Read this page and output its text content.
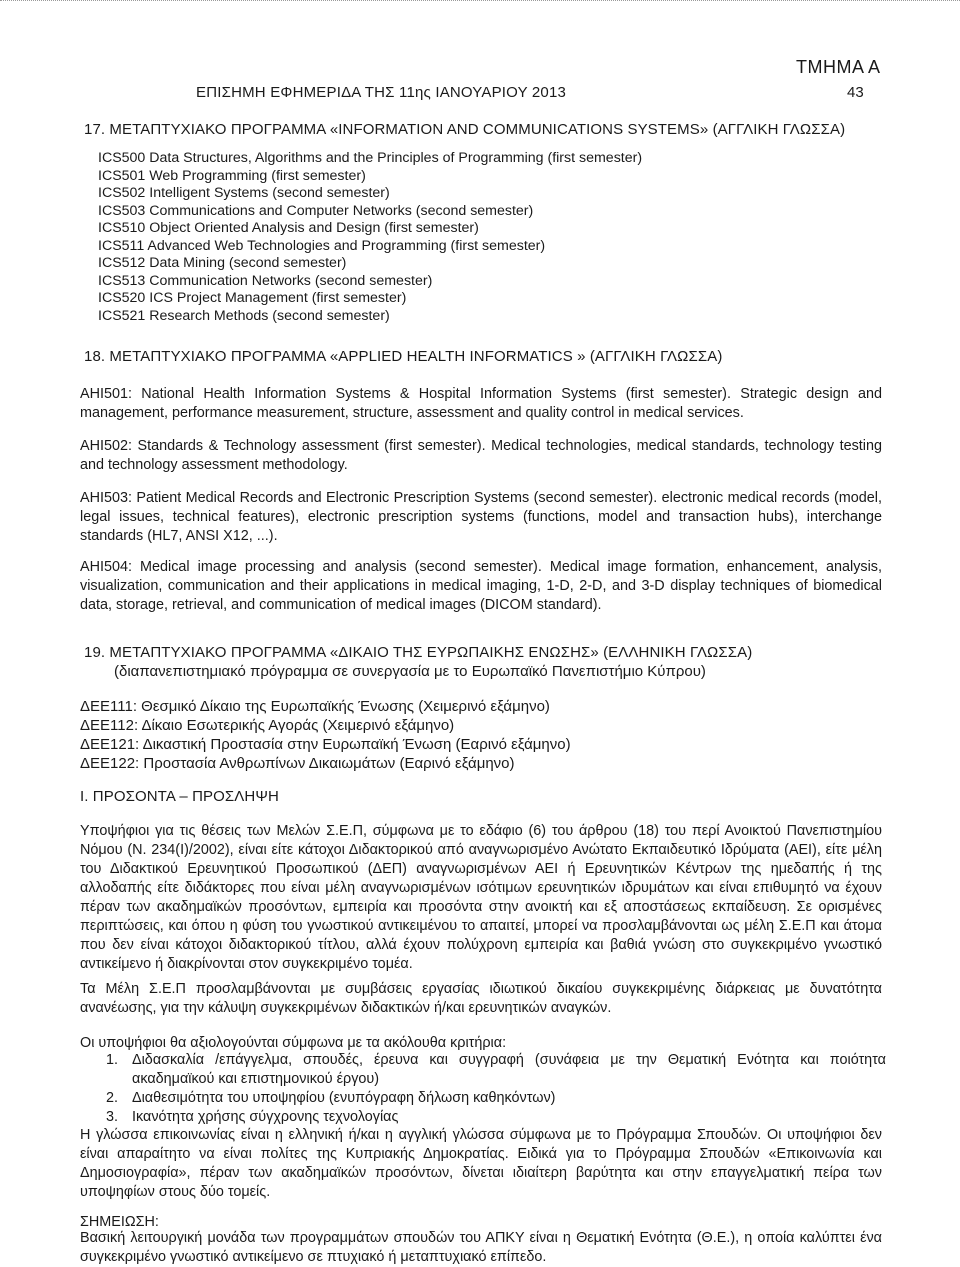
ΤΜΗΜΑ Α
ΕΠΙΣΗΜΗ ΕΦΗΜΕΡΙΔΑ ΤΗΣ 11ης ΙΑΝΟΥΑΡΙΟΥ 2013	43
17. ΜΕΤΑΠΤΥΧΙΑΚΟ ΠΡΟΓΡΑΜΜΑ «INFORMATION AND COMMUNICATIONS SYSTEMS» (ΑΓΓΛΙΚΗ ΓΛΩΣΣΑ)
ICS500 Data Structures, Algorithms and the Principles of Programming (first semester)
ICS501 Web Programming (first semester)
ICS502 Intelligent Systems (second semester)
ICS503 Communications and Computer Networks (second semester)
ICS510 Object Oriented Analysis and Design (first semester)
ICS511 Advanced Web Technologies and Programming (first semester)
ICS512 Data Mining (second semester)
ICS513 Communication Networks (second semester)
ICS520 ICS Project Management (first semester)
ICS521 Research Methods (second semester)
18. ΜΕΤΑΠΤΥΧΙΑΚΟ ΠΡΟΓΡΑΜΜΑ «APPLIED HEALTH INFORMATICS » (ΑΓΓΛΙΚΗ ΓΛΩΣΣΑ)
AHI501: National Health Information Systems & Hospital Information Systems (first semester). Strategic design and management, performance measurement, structure, assessment and quality control in medical services.
AHI502: Standards & Technology assessment (first semester). Medical technologies, medical standards, technology testing and technology assessment methodology.
AHI503: Patient Medical Records and Electronic Prescription Systems (second semester). electronic medical records (model, legal issues, technical features), electronic prescription systems (functions, model and transaction hubs), interchange standards (HL7, ANSI X12, ...).
AHI504: Medical image processing and analysis (second semester). Medical image formation, enhancement, analysis, visualization, communication and their applications in medical imaging, 1-D, 2-D, and 3-D display techniques of biomedical data, storage, retrieval, and communication of medical images (DICOM standard).
19. ΜΕΤΑΠΤΥΧΙΑΚΟ ΠΡΟΓΡΑΜΜΑ «ΔΙΚΑΙΟ ΤΗΣ ΕΥΡΩΠΑΙΚΗΣ ΕΝΩΣΗΣ» (ΕΛΛΗΝΙΚΗ ΓΛΩΣΣΑ)
(διαπανεπιστημιακό πρόγραμμα σε συνεργασία με το Ευρωπαϊκό Πανεπιστήμιο Κύπρου)
ΔΕΕ111: Θεσμικό Δίκαιο της Ευρωπαϊκής Ένωσης (Χειμερινό εξάμηνο)
ΔΕΕ112: Δίκαιο Εσωτερικής Αγοράς (Χειμερινό εξάμηνο)
ΔΕΕ121: Δικαστική Προστασία στην Ευρωπαϊκή Ένωση (Εαρινό εξάμηνο)
ΔΕΕ122: Προστασία Ανθρωπίνων Δικαιωμάτων (Εαρινό εξάμηνο)
Ι. ΠΡΟΣΟΝΤΑ – ΠΡΟΣΛΗΨΗ
Υποψήφιοι για τις θέσεις των Μελών Σ.Ε.Π, σύμφωνα με το εδάφιο (6) του άρθρου (18) του περί Ανοικτού Πανεπιστημίου Νόμου (Ν. 234(Ι)/2002), είναι είτε κάτοχοι Διδακτορικού από αναγνωρισμένο Ανώτατο Εκπαιδευτικό Ιδρύματα (ΑΕΙ), είτε μέλη του Διδακτικού Ερευνητικού Προσωπικού (ΔΕΠ) αναγνωρισμένων ΑΕΙ ή Ερευνητικών Κέντρων της ημεδαπής ή της αλλοδαπής είτε διδάκτορες που είναι μέλη αναγνωρισμένων ισότιμων ερευνητικών ιδρυμάτων και είναι επιθυμητό να έχουν πέραν των ακαδημαϊκών προσόντων, εμπειρία και προσόντα στην ανοικτή και εξ αποστάσεως εκπαίδευση. Σε ορισμένες περιπτώσεις, και όπου η φύση του γνωστικού αντικειμένου το απαιτεί, μπορεί να προσλαμβάνονται ως μέλη Σ.Ε.Π και άτομα που δεν είναι κάτοχοι διδακτορικού τίτλου, αλλά έχουν πολύχρονη εμπειρία και βαθιά γνώση στο συγκεκριμένο γνωστικό αντικείμενο ή διακρίνονται στον συγκεκριμένο τομέα.
Τα Μέλη Σ.Ε.Π προσλαμβάνονται με συμβάσεις εργασίας ιδιωτικού δικαίου συγκεκριμένης διάρκειας με δυνατότητα ανανέωσης, για την κάλυψη συγκεκριμένων διδακτικών ή/και ερευνητικών αναγκών.
Οι υποψήφιοι θα αξιολογούνται σύμφωνα με τα ακόλουθα κριτήρια:
1. Διδασκαλία /επάγγελμα, σπουδές, έρευνα και συγγραφή (συνάφεια με την Θεματική Ενότητα και ποιότητα ακαδημαϊκού και επιστημονικού έργου)
2. Διαθεσιμότητα του υποψηφίου (ενυπόγραφη δήλωση καθηκόντων)
3. Ικανότητα χρήσης σύγχρονης τεχνολογίας
Η γλώσσα επικοινωνίας είναι η ελληνική ή/και η αγγλική γλώσσα σύμφωνα με το Πρόγραμμα Σπουδών. Οι υποψήφιοι δεν είναι απαραίτητο να είναι πολίτες της Κυπριακής Δημοκρατίας. Ειδικά για το Πρόγραμμα Σπουδών «Επικοινωνία και Δημοσιογραφία», πέραν των ακαδημαϊκών προσόντων, δίνεται ιδιαίτερη βαρύτητα και στην επαγγελματική πείρα των υποψηφίων στους δύο τομείς.
ΣΗΜΕΙΩΣΗ:
Βασική λειτουργική μονάδα των προγραμμάτων σπουδών του ΑΠΚΥ είναι η Θεματική Ενότητα (Θ.Ε.), η οποία καλύπτει ένα συγκεκριμένο γνωστικό αντικείμενο σε πτυχιακό ή μεταπτυχιακό επίπεδο.
